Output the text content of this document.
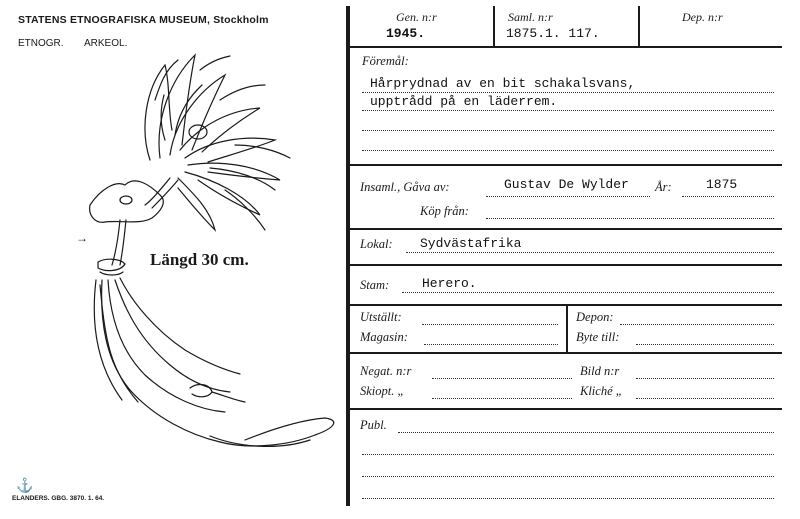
STATENS ETNOGRAFISKA MUSEUM, Stockholm
ETNOGR. ARKEOL.
→
Längd 30 cm.
⚓
ELANDERS. GBG. 3870. 1. 64.
Gen. n:r
1945.
Saml. n:r
1875.1. 117.
Dep. n:r
Föremål:
Hårprydnad av en bit schakalsvans,
upptrådd på en läderrem.
Insaml., Gåva av:	Gustav De Wylder År:	1875
Köp från:
Lokal: Sydvästafrika
Stam:	Herero.
Utställt:
Magasin:
Depon:
Byte till:
Negat. n:r	Bild n:r
Skiopt. „	Kliché „
Publ.
